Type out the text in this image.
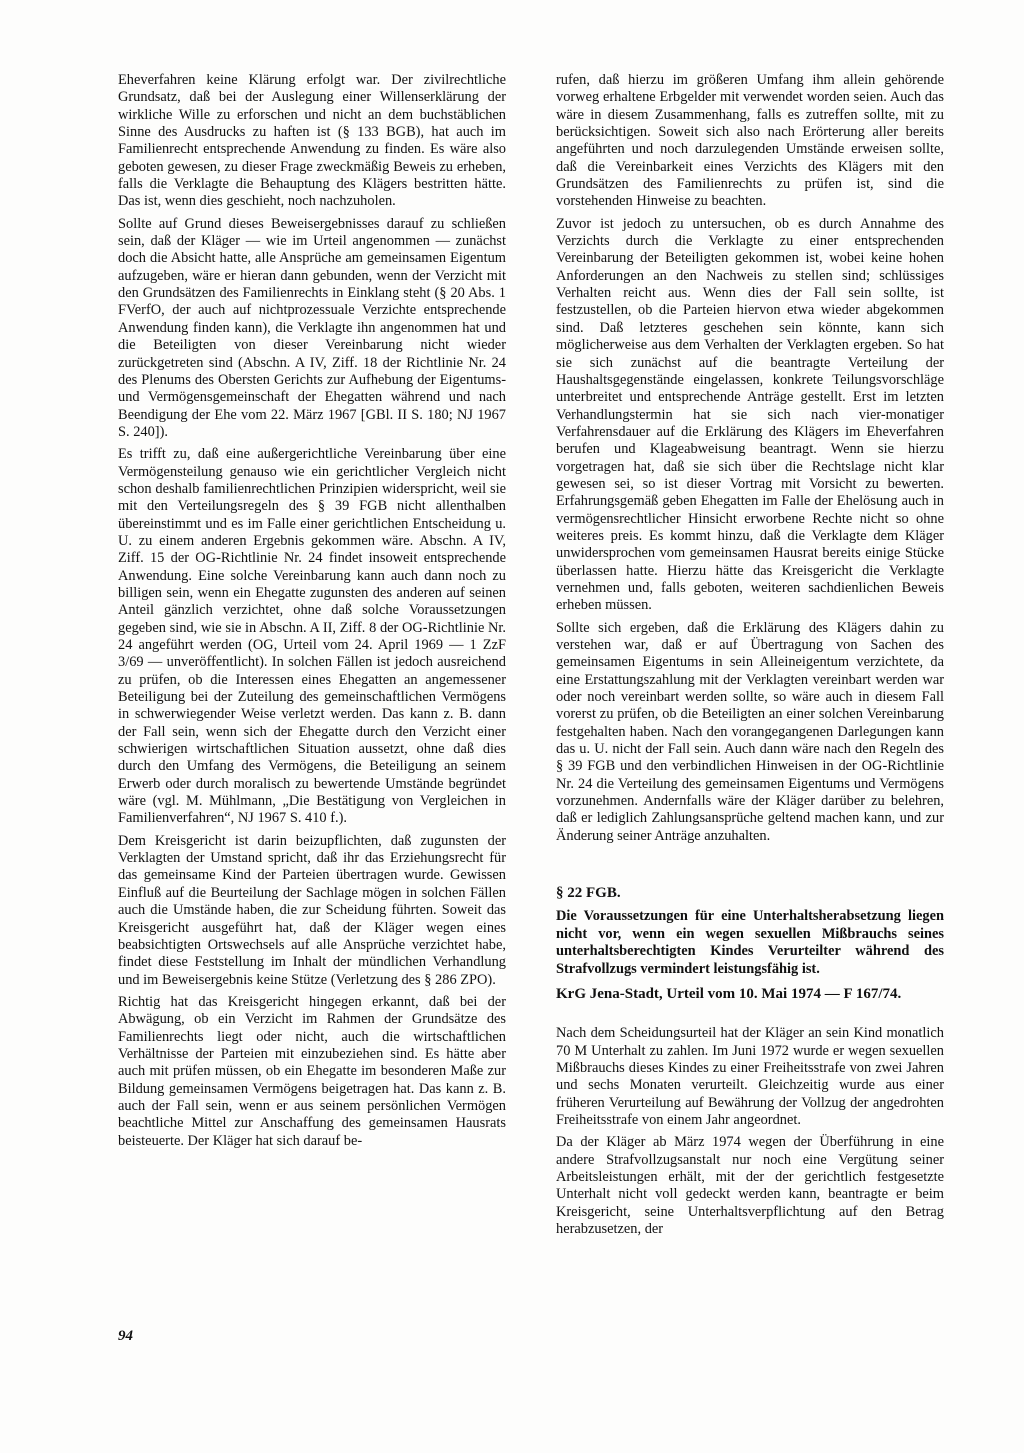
Eheverfahren keine Klärung erfolgt war. Der zivilrechtliche Grundsatz, daß bei der Auslegung einer Willenserklärung der wirkliche Wille zu erforschen und nicht an dem buchstäblichen Sinne des Ausdrucks zu haften ist (§ 133 BGB), hat auch im Familienrecht entsprechende Anwendung zu finden. Es wäre also geboten gewesen, zu dieser Frage zweckmäßig Beweis zu erheben, falls die Verklagte die Behauptung des Klägers bestritten hätte. Das ist, wenn dies geschieht, noch nachzuholen.

Sollte auf Grund dieses Beweisergebnisses darauf zu schließen sein, daß der Kläger — wie im Urteil angenommen — zunächst doch die Absicht hatte, alle Ansprüche am gemeinsamen Eigentum aufzugeben, wäre er hieran dann gebunden, wenn der Verzicht mit den Grundsätzen des Familienrechts in Einklang steht (§ 20 Abs. 1 FVerfO, der auch auf nichtprozessuale Verzichte entsprechende Anwendung finden kann), die Verklagte ihn angenommen hat und die Beteiligten von dieser Vereinbarung nicht wieder zurückgetreten sind (Abschn. A IV, Ziff. 18 der Richtlinie Nr. 24 des Plenums des Obersten Gerichts zur Aufhebung der Eigentums- und Vermögensgemeinschaft der Ehegatten während und nach Beendigung der Ehe vom 22. März 1967 [GBl. II S. 180; NJ 1967 S. 240]).

Es trifft zu, daß eine außergerichtliche Vereinbarung über eine Vermögensteilung genauso wie ein gerichtlicher Vergleich nicht schon deshalb familienrechtlichen Prinzipien widerspricht, weil sie mit den Verteilungsregeln des § 39 FGB nicht allenthalben übereinstimmt und es im Falle einer gerichtlichen Entscheidung u. U. zu einem anderen Ergebnis gekommen wäre. Abschn. A IV, Ziff. 15 der OG-Richtlinie Nr. 24 findet insoweit entsprechende Anwendung. Eine solche Vereinbarung kann auch dann noch zu billigen sein, wenn ein Ehegatte zugunsten des anderen auf seinen Anteil gänzlich verzichtet, ohne daß solche Voraussetzungen gegeben sind, wie sie in Abschn. A II, Ziff. 8 der OG-Richtlinie Nr. 24 angeführt werden (OG, Urteil vom 24. April 1969 — 1 ZzF 3/69 — unveröffentlicht). In solchen Fällen ist jedoch ausreichend zu prüfen, ob die Interessen eines Ehegatten an angemessener Beteiligung bei der Zuteilung des gemeinschaftlichen Vermögens in schwerwiegender Weise verletzt werden. Das kann z. B. dann der Fall sein, wenn sich der Ehegatte durch den Verzicht einer schwierigen wirtschaftlichen Situation aussetzt, ohne daß dies durch den Umfang des Vermögens, die Beteiligung an seinem Erwerb oder durch moralisch zu bewertende Umstände begründet wäre (vgl. M. Mühlmann, „Die Bestätigung von Vergleichen in Familienverfahren“, NJ 1967 S. 410 f.).

Dem Kreisgericht ist darin beizupflichten, daß zugunsten der Verklagten der Umstand spricht, daß ihr das Erziehungsrecht für das gemeinsame Kind der Parteien übertragen wurde. Gewissen Einfluß auf die Beurteilung der Sachlage mögen in solchen Fällen auch die Umstände haben, die zur Scheidung führten. Soweit das Kreisgericht ausgeführt hat, daß der Kläger wegen eines beabsichtigten Ortswechsels auf alle Ansprüche verzichtet habe, findet diese Feststellung im Inhalt der mündlichen Verhandlung und im Beweisergebnis keine Stütze (Verletzung des § 286 ZPO).

Richtig hat das Kreisgericht hingegen erkannt, daß bei der Abwägung, ob ein Verzicht im Rahmen der Grundsätze des Familienrechts liegt oder nicht, auch die wirtschaftlichen Verhältnisse der Parteien mit einzubeziehen sind. Es hätte aber auch mit prüfen müssen, ob ein Ehegatte im besonderen Maße zur Bildung gemeinsamen Vermögens beigetragen hat. Das kann z. B. auch der Fall sein, wenn er aus seinem persönlichen Vermögen beachtliche Mittel zur Anschaffung des gemeinsamen Hausrats beisteuerte. Der Kläger hat sich darauf be-

rufen, daß hierzu im größeren Umfang ihm allein gehörende vorweg erhaltene Erbgelder mit verwendet worden seien. Auch das wäre in diesem Zusammenhang, falls es zutreffen sollte, mit zu berücksichtigen. Soweit sich also nach Erörterung aller bereits angeführten und noch darzulegenden Umstände erweisen sollte, daß die Vereinbarkeit eines Verzichts des Klägers mit den Grundsätzen des Familienrechts zu prüfen ist, sind die vorstehenden Hinweise zu beachten.

Zuvor ist jedoch zu untersuchen, ob es durch Annahme des Verzichts durch die Verklagte zu einer entsprechenden Vereinbarung der Beteiligten gekommen ist, wobei keine hohen Anforderungen an den Nachweis zu stellen sind; schlüssiges Verhalten reicht aus. Wenn dies der Fall sein sollte, ist festzustellen, ob die Parteien hiervon etwa wieder abgekommen sind. Daß letzteres geschehen sein könnte, kann sich möglicherweise aus dem Verhalten der Verklagten ergeben. So hat sie sich zunächst auf die beantragte Verteilung der Haushaltsgegenstände eingelassen, konkrete Teilungsvorschläge unterbreitet und entsprechende Anträge gestellt. Erst im letzten Verhandlungstermin hat sie sich nach vier-monatiger Verfahrensdauer auf die Erklärung des Klägers im Eheverfahren berufen und Klageabweisung beantragt. Wenn sie hierzu vorgetragen hat, daß sie sich über die Rechtslage nicht klar gewesen sei, so ist dieser Vortrag mit Vorsicht zu bewerten. Erfahrungsgemäß geben Ehegatten im Falle der Ehelösung auch in vermögensrechtlicher Hinsicht erworbene Rechte nicht so ohne weiteres preis. Es kommt hinzu, daß die Verklagte dem Kläger unwidersprochen vom gemeinsamen Hausrat bereits einige Stücke überlassen hatte. Hierzu hätte das Kreisgericht die Verklagte vernehmen und, falls geboten, weiteren sachdienlichen Beweis erheben müssen.

Sollte sich ergeben, daß die Erklärung des Klägers dahin zu verstehen war, daß er auf Übertragung von Sachen des gemeinsamen Eigentums in sein Alleineigentum verzichtete, da eine Erstattungszahlung mit der Verklagten vereinbart werden war oder noch vereinbart werden sollte, so wäre auch in diesem Fall vorerst zu prüfen, ob die Beteiligten an einer solchen Vereinbarung festgehalten haben. Nach den vorangegangenen Darlegungen kann das u. U. nicht der Fall sein. Auch dann wäre nach den Regeln des § 39 FGB und den verbindlichen Hinweisen in der OG-Richtlinie Nr. 24 die Verteilung des gemeinsamen Eigentums und Vermögens vorzunehmen. Andernfalls wäre der Kläger darüber zu belehren, daß er lediglich Zahlungsansprüche geltend machen kann, und zur Änderung seiner Anträge anzuhalten.

§ 22 FGB.
Die Voraussetzungen für eine Unterhaltsherabsetzung liegen nicht vor, wenn ein wegen sexuellen Mißbrauchs seines unterhaltsberechtigten Kindes Verurteilter während des Strafvollzugs vermindert leistungsfähig ist.
KrG Jena-Stadt, Urteil vom 10. Mai 1974 — F 167/74.

Nach dem Scheidungsurteil hat der Kläger an sein Kind monatlich 70 M Unterhalt zu zahlen. Im Juni 1972 wurde er wegen sexuellen Mißbrauchs dieses Kindes zu einer Freiheitsstrafe von zwei Jahren und sechs Monaten verurteilt. Gleichzeitig wurde aus einer früheren Verurteilung auf Bewährung der Vollzug der angedrohten Freiheitsstrafe von einem Jahr angeordnet.

Da der Kläger ab März 1974 wegen der Überführung in eine andere Strafvollzugsanstalt nur noch eine Vergütung seiner Arbeitsleistungen erhält, mit der der gerichtlich festgesetzte Unterhalt nicht voll gedeckt werden kann, beantragte er beim Kreisgericht, seine Unterhaltsverpflichtung auf den Betrag herabzusetzen, der

94
